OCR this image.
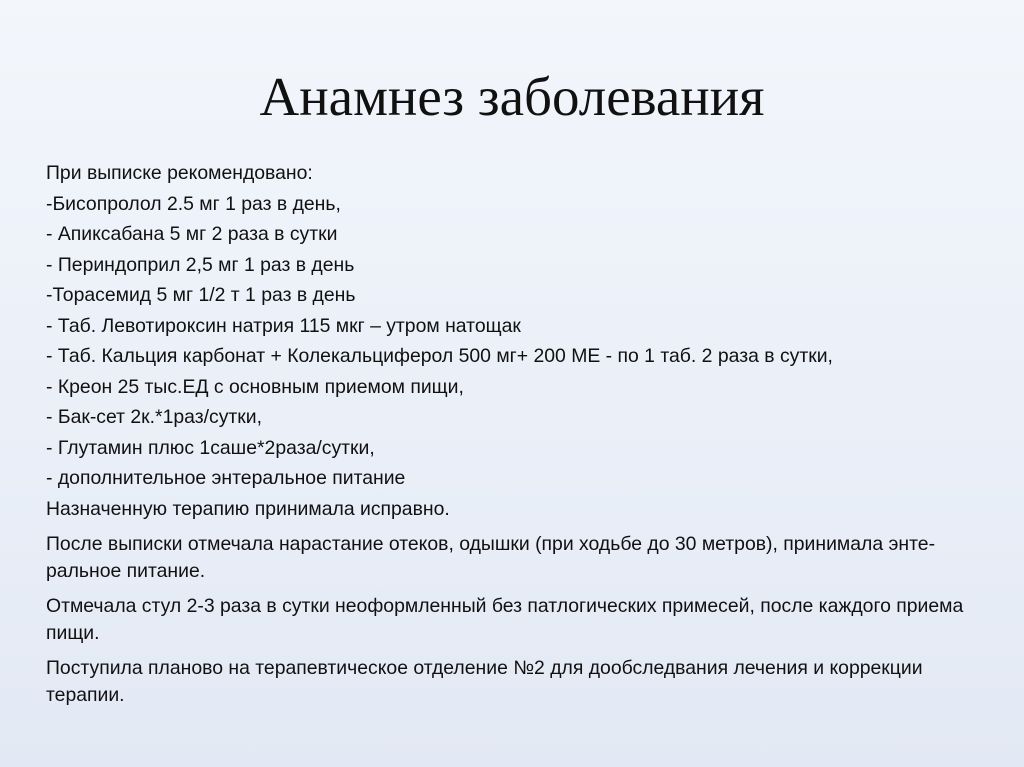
Анамнез заболевания

При выписке рекомендовано:

-Бисопролол 2.5 мг 1 раз в день,

- Апиксабана 5 мг 2 раза в сутки

- Периндоприл 2,5 мг 1 раз в день

-Торасемид 5 мг 1/2 т 1 раз в день

- Таб. Левотироксин натрия 115 мкг – утром натощак

- Таб. Кальция карбонат + Колекальциферол 500 мг+ 200 МЕ - по 1 таб. 2 раза в сутки,

- Креон 25 тыс.ЕД с основным приемом пищи,

- Бак-сет 2к.*1раз/сутки,

- Глутамин плюс 1саше*2раза/сутки,

- дополнительное энтеральное питание

Назначенную терапию принимала исправно.

После выписки отмечала нарастание отеков, одышки (при ходьбе до 30 метров), принимала энте-ральное питание.

Отмечала стул 2-3 раза в сутки неоформленный без патлогических примесей, после каждого приема пищи.

Поступила планово на терапевтическое отделение №2 для дообследвания лечения и коррекции терапии.
